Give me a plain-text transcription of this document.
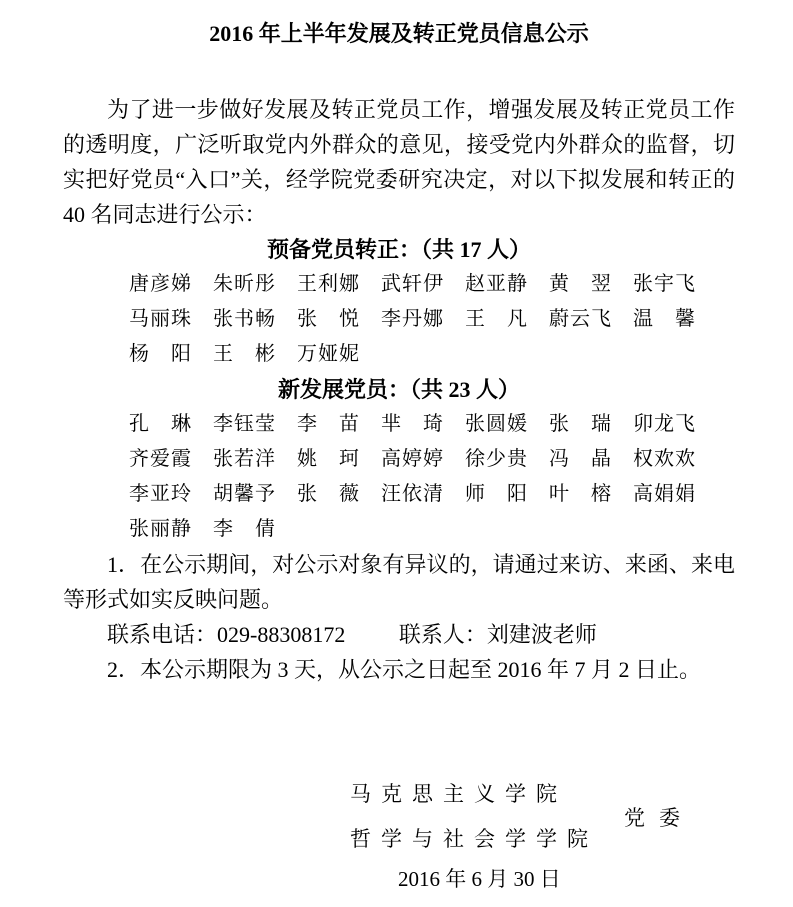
2016 年上半年发展及转正党员信息公示

为了进一步做好发展及转正党员工作，增强发展及转正党员工作的透明度，广泛听取党内外群众的意见，接受党内外群众的监督，切实把好党员“入口”关，经学院党委研究决定，对以下拟发展和转正的 40 名同志进行公示：

预备党员转正：（共 17 人）
唐彦娣　朱昕彤　王利娜　武轩伊　赵亚静　黄　翌　张宇飞
马丽珠　张书畅　张　悦　李丹娜　王　凡　蔚云飞　温　馨
杨　阳　王　彬　万娅妮
新发展党员：（共 23 人）
孔　琳　李钰莹　李　苗　芈　琦　张圆媛　张　瑞　卯龙飞
齐爱霞　张若洋　姚　珂　高婷婷　徐少贵　冯　晶　权欢欢
李亚玲　胡馨予　张　薇　汪依清　师　阳　叶　榕　高娟娟
张丽静　李　倩

1．在公示期间，对公示对象有异议的，请通过来访、来函、来电等形式如实反映问题。

联系电话：029-88308172 联系人：刘建波老师

2．本公示期限为 3 天，从公示之日起至 2016 年 7 月 2 日止。

马克思主义学院
哲学与社会学学院
党委
2016 年 6 月 30 日
